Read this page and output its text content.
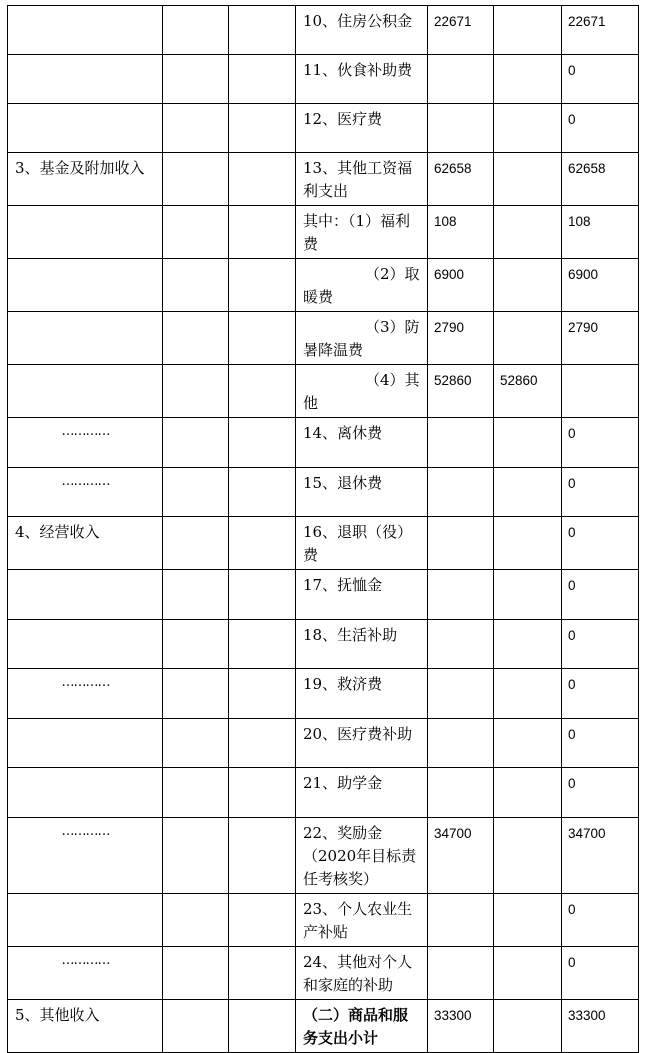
			10、住房公积金	22671		22671
			11、伙食补助费			0
			12、医疗费			0
3、基金及附加收入			13、其他工资福利支出	62658		62658
			其中：（1）福利费	108		108
			（2）取暖费	6900		6900
			（3）防暑降温费	2790		2790
			（4）其他	52860	52860	
…………			14、离休费			0
…………			15、退休费			0
4、经营收入			16、退职（役）费			0
			17、抚恤金			0
			18、生活补助			0
…………			19、救济费			0
			20、医疗费补助			0
			21、助学金			0
…………			22、奖励金（2020年目标责任考核奖）	34700		34700
			23、个人农业生产补贴			0
…………			24、其他对个人和家庭的补助			0
5、其他收入			（二）商品和服务支出小计	33300		33300
